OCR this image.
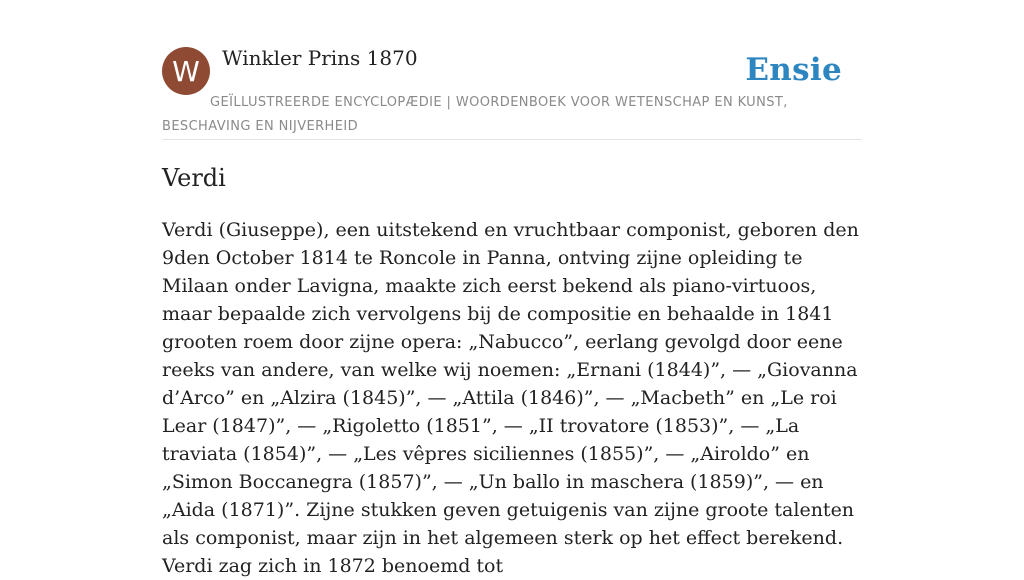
W	Winkler Prins 1870	Ensie
GEÏLLUSTREERDE ENCYCLOPÆDIE | WOORDENBOEK VOOR WETENSCHAP EN KUNST, BESCHAVING EN NIJVERHEID
Verdi

Verdi (Giuseppe), een uitstekend en vruchtbaar componist, geboren den 9den October 1814 te Roncole in Panna, ontving zijne opleiding te Milaan onder Lavigna, maakte zich eerst bekend als piano-virtuoos, maar bepaalde zich vervolgens bij de compositie en behaalde in 1841 grooten roem door zijne opera: „Nabucco”, eerlang gevolgd door eene reeks van andere, van welke wij noemen: „Ernani (1844)”, — „Giovanna d’Arco” en „Alzira (1845)”, — „Attila (1846)”, — „Macbeth” en „Le roi Lear (1847)”, — „Rigoletto (1851”, — „II trovatore (1853)”, — „La traviata (1854)”, — „Les vêpres siciliennes (1855)”, — „Airoldo” en „Simon Boccanegra (1857)”, — „Un ballo in maschera (1859)”, — en „Aida (1871)”. Zijne stukken geven getuigenis van zijne groote talenten als componist, maar zijn in het algemeen sterk op het effect berekend. Verdi zag zich in 1872 benoemd tot
